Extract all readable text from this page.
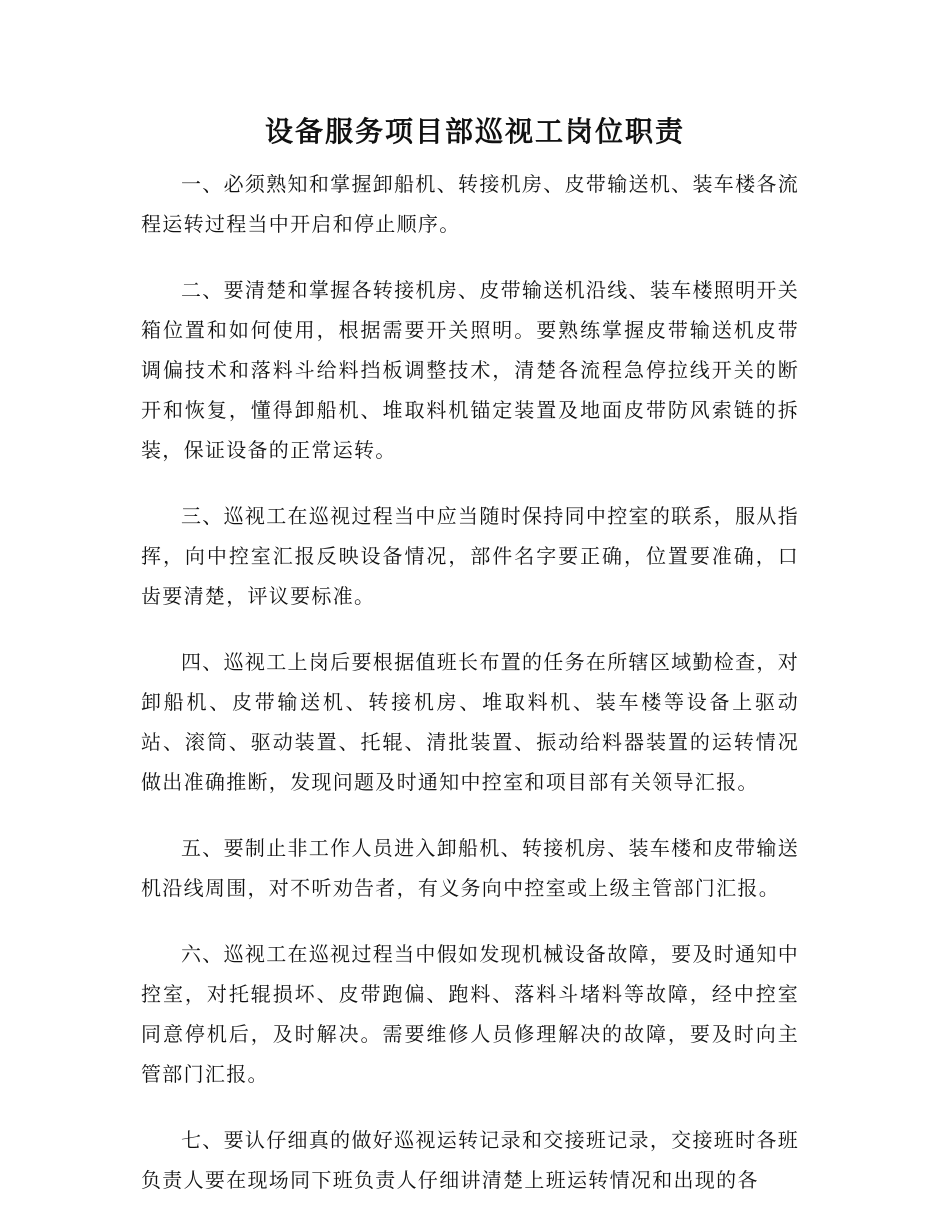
设备服务项目部巡视工岗位职责

一、必须熟知和掌握卸船机、转接机房、皮带输送机、装车楼各流程运转过程当中开启和停止顺序。

二、要清楚和掌握各转接机房、皮带输送机沿线、装车楼照明开关箱位置和如何使用，根据需要开关照明。要熟练掌握皮带输送机皮带调偏技术和落料斗给料挡板调整技术，清楚各流程急停拉线开关的断开和恢复，懂得卸船机、堆取料机锚定装置及地面皮带防风索链的拆装，保证设备的正常运转。

三、巡视工在巡视过程当中应当随时保持同中控室的联系，服从指挥，向中控室汇报反映设备情况，部件名字要正确，位置要准确，口齿要清楚，评议要标准。

四、巡视工上岗后要根据值班长布置的任务在所辖区域勤检查，对卸船机、皮带输送机、转接机房、堆取料机、装车楼等设备上驱动站、滚筒、驱动装置、托辊、清批装置、振动给料器装置的运转情况做出准确推断，发现问题及时通知中控室和项目部有关领导汇报。

五、要制止非工作人员进入卸船机、转接机房、装车楼和皮带输送机沿线周围，对不听劝告者，有义务向中控室或上级主管部门汇报。

六、巡视工在巡视过程当中假如发现机械设备故障，要及时通知中控室，对托辊损坏、皮带跑偏、跑料、落料斗堵料等故障，经中控室同意停机后，及时解决。需要维修人员修理解决的故障，要及时向主管部门汇报。

七、要认仔细真的做好巡视运转记录和交接班记录，交接班时各班负责人要在现场同下班负责人仔细讲清楚上班运转情况和出现的各
